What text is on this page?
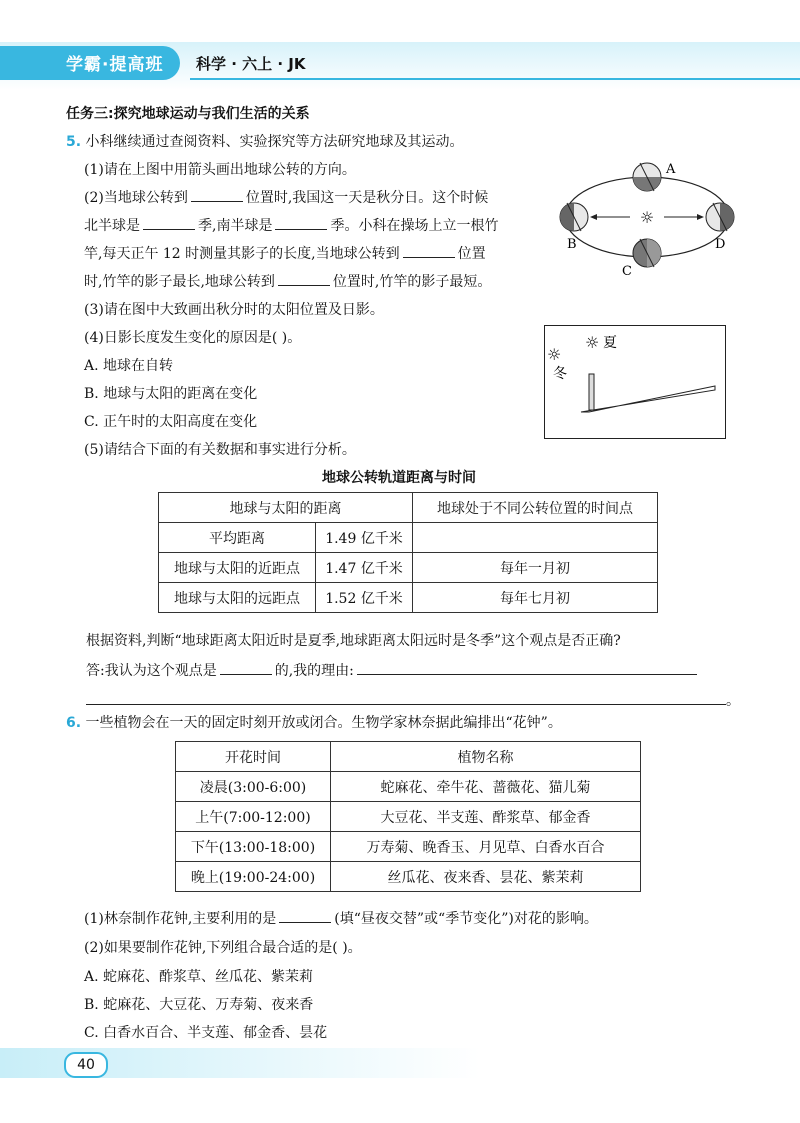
学霸·提高班 科学 · 六上 · JK
任务三:探究地球运动与我们生活的关系
5. 小科继续通过查阅资料、实验探究等方法研究地球及其运动。
(1)请在上图中用箭头画出地球公转的方向。
(2)当地球公转到	位置时,我国这一天是秋分日。这个时候
北半球是	季,南半球是	季。小科在操场上立一根竹
竿,每天正午 12 时测量其影子的长度,当地球公转到	位置
时,竹竿的影子最长,地球公转到	位置时,竹竿的影子最短。
(3)请在图中大致画出秋分时的太阳位置及日影。
(4)日影长度发生变化的原因是( )。
A. 地球在自转
B. 地球与太阳的距离在变化
C. 正午时的太阳高度在变化
(5)请结合下面的有关数据和事实进行分析。
☼
A
B
C
D
☼ 夏
☼
冬
地球公转轨道距离与时间
地球与太阳的距离		地球处于不同公转位置的时间点
平均距离	1.49 亿千米	
地球与太阳的近距点	1.47 亿千米	每年一月初
地球与太阳的远距点	1.52 亿千米	每年七月初
根据资料,判断“地球距离太阳近时是夏季,地球距离太阳远时是冬季”这个观点是否正确?
答:我认为这个观点是	的,我的理由:
。
6. 一些植物会在一天的固定时刻开放或闭合。生物学家林奈据此编排出“花钟”。
开花时间	植物名称
凌晨(3:00-6:00)	蛇麻花、牵牛花、蔷薇花、猫儿菊
上午(7:00-12:00)	大豆花、半支莲、酢浆草、郁金香
下午(13:00-18:00)	万寿菊、晚香玉、月见草、白香水百合
晚上(19:00-24:00)	丝瓜花、夜来香、昙花、紫茉莉
(1)林奈制作花钟,主要利用的是	(填“昼夜交替”或“季节变化”)对花的影响。
(2)如果要制作花钟,下列组合最合适的是( )。
A. 蛇麻花、酢浆草、丝瓜花、紫茉莉
B. 蛇麻花、大豆花、万寿菊、夜来香
C. 白香水百合、半支莲、郁金香、昙花
40
